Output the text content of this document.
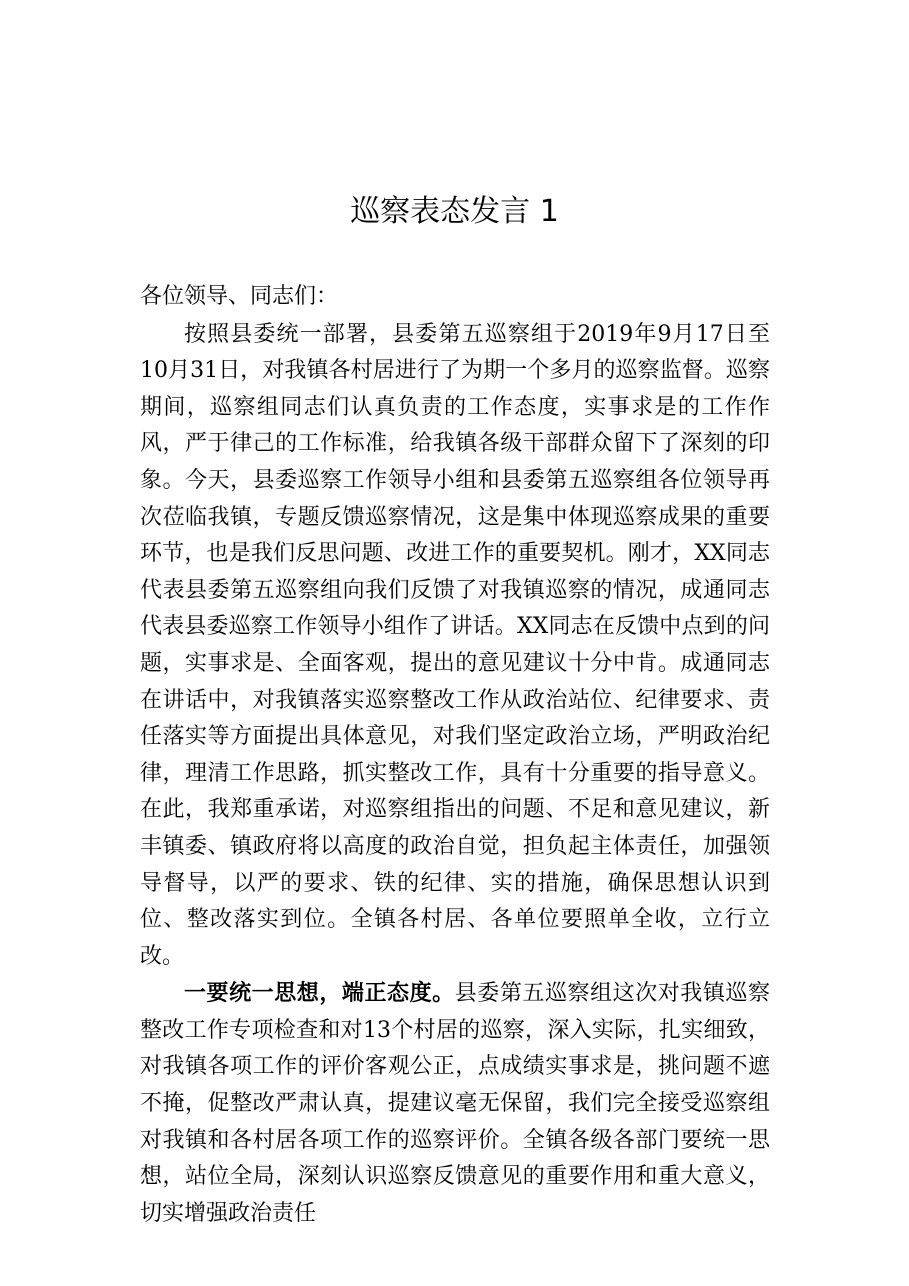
巡察表态发言 1

各位领导、同志们：

按照县委统一部署，县委第五巡察组于2019年9月17日至10月31日，对我镇各村居进行了为期一个多月的巡察监督。巡察期间，巡察组同志们认真负责的工作态度，实事求是的工作作风，严于律己的工作标准，给我镇各级干部群众留下了深刻的印象。今天，县委巡察工作领导小组和县委第五巡察组各位领导再次莅临我镇，专题反馈巡察情况，这是集中体现巡察成果的重要环节，也是我们反思问题、改进工作的重要契机。刚才，XX同志代表县委第五巡察组向我们反馈了对我镇巡察的情况，成通同志代表县委巡察工作领导小组作了讲话。XX同志在反馈中点到的问题，实事求是、全面客观，提出的意见建议十分中肯。成通同志在讲话中，对我镇落实巡察整改工作从政治站位、纪律要求、责任落实等方面提出具体意见，对我们坚定政治立场，严明政治纪律，理清工作思路，抓实整改工作，具有十分重要的指导意义。在此，我郑重承诺，对巡察组指出的问题、不足和意见建议，新丰镇委、镇政府将以高度的政治自觉，担负起主体责任，加强领导督导，以严的要求、铁的纪律、实的措施，确保思想认识到位、整改落实到位。全镇各村居、各单位要照单全收，立行立改。

一要统一思想，端正态度。县委第五巡察组这次对我镇巡察整改工作专项检查和对13个村居的巡察，深入实际，扎实细致，对我镇各项工作的评价客观公正，点成绩实事求是，挑问题不遮不掩，促整改严肃认真，提建议毫无保留，我们完全接受巡察组对我镇和各村居各项工作的巡察评价。全镇各级各部门要统一思想，站位全局，深刻认识巡察反馈意见的重要作用和重大意义，切实增强政治责任
